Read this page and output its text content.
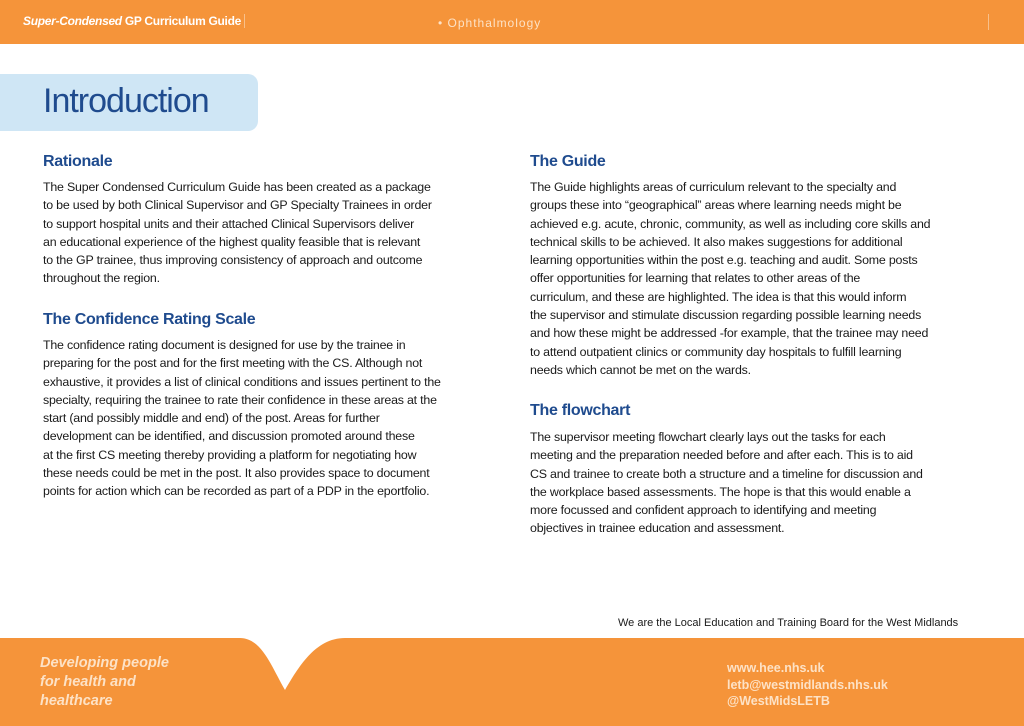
Super-Condensed GP Curriculum Guide	• Ophthalmology
Introduction
Rationale
The Super Condensed Curriculum Guide has been created as a package
to be used by both Clinical Supervisor and GP Specialty Trainees in order
to support hospital units and their attached Clinical Supervisors deliver
an educational experience of the highest quality feasible that is relevant
to the GP trainee, thus improving consistency of approach and outcome
throughout the region.
The Confidence Rating Scale
The confidence rating document is designed for use by the trainee in
preparing for the post and for the first meeting with the CS. Although not
exhaustive, it provides a list of clinical conditions and issues pertinent to the
specialty, requiring the trainee to rate their confidence in these areas at the
start (and possibly middle and end) of the post. Areas for further
development can be identified, and discussion promoted around these
at the first CS meeting thereby providing a platform for negotiating how
these needs could be met in the post. It also provides space to document
points for action which can be recorded as part of a PDP in the eportfolio.
The Guide
The Guide highlights areas of curriculum relevant to the specialty and
groups these into “geographical” areas where learning needs might be
achieved e.g. acute, chronic, community, as well as including core skills and
technical skills to be achieved. It also makes suggestions for additional
learning opportunities within the post e.g. teaching and audit. Some posts
offer opportunities for learning that relates to other areas of the
curriculum, and these are highlighted. The idea is that this would inform
the supervisor and stimulate discussion regarding possible learning needs
and how these might be addressed -for example, that the trainee may need
to attend outpatient clinics or community day hospitals to fulfill learning
needs which cannot be met on the wards.
The flowchart
The supervisor meeting flowchart clearly lays out the tasks for each
meeting and the preparation needed before and after each. This is to aid
CS and trainee to create both a structure and a timeline for discussion and
the workplace based assessments. The hope is that this would enable a
more focussed and confident approach to identifying and meeting
objectives in trainee education and assessment.
We are the Local Education and Training Board for the West Midlands
Developing people
for health and
healthcare
www.hee.nhs.uk
letb@westmidlands.nhs.uk
@WestMidsLETB
